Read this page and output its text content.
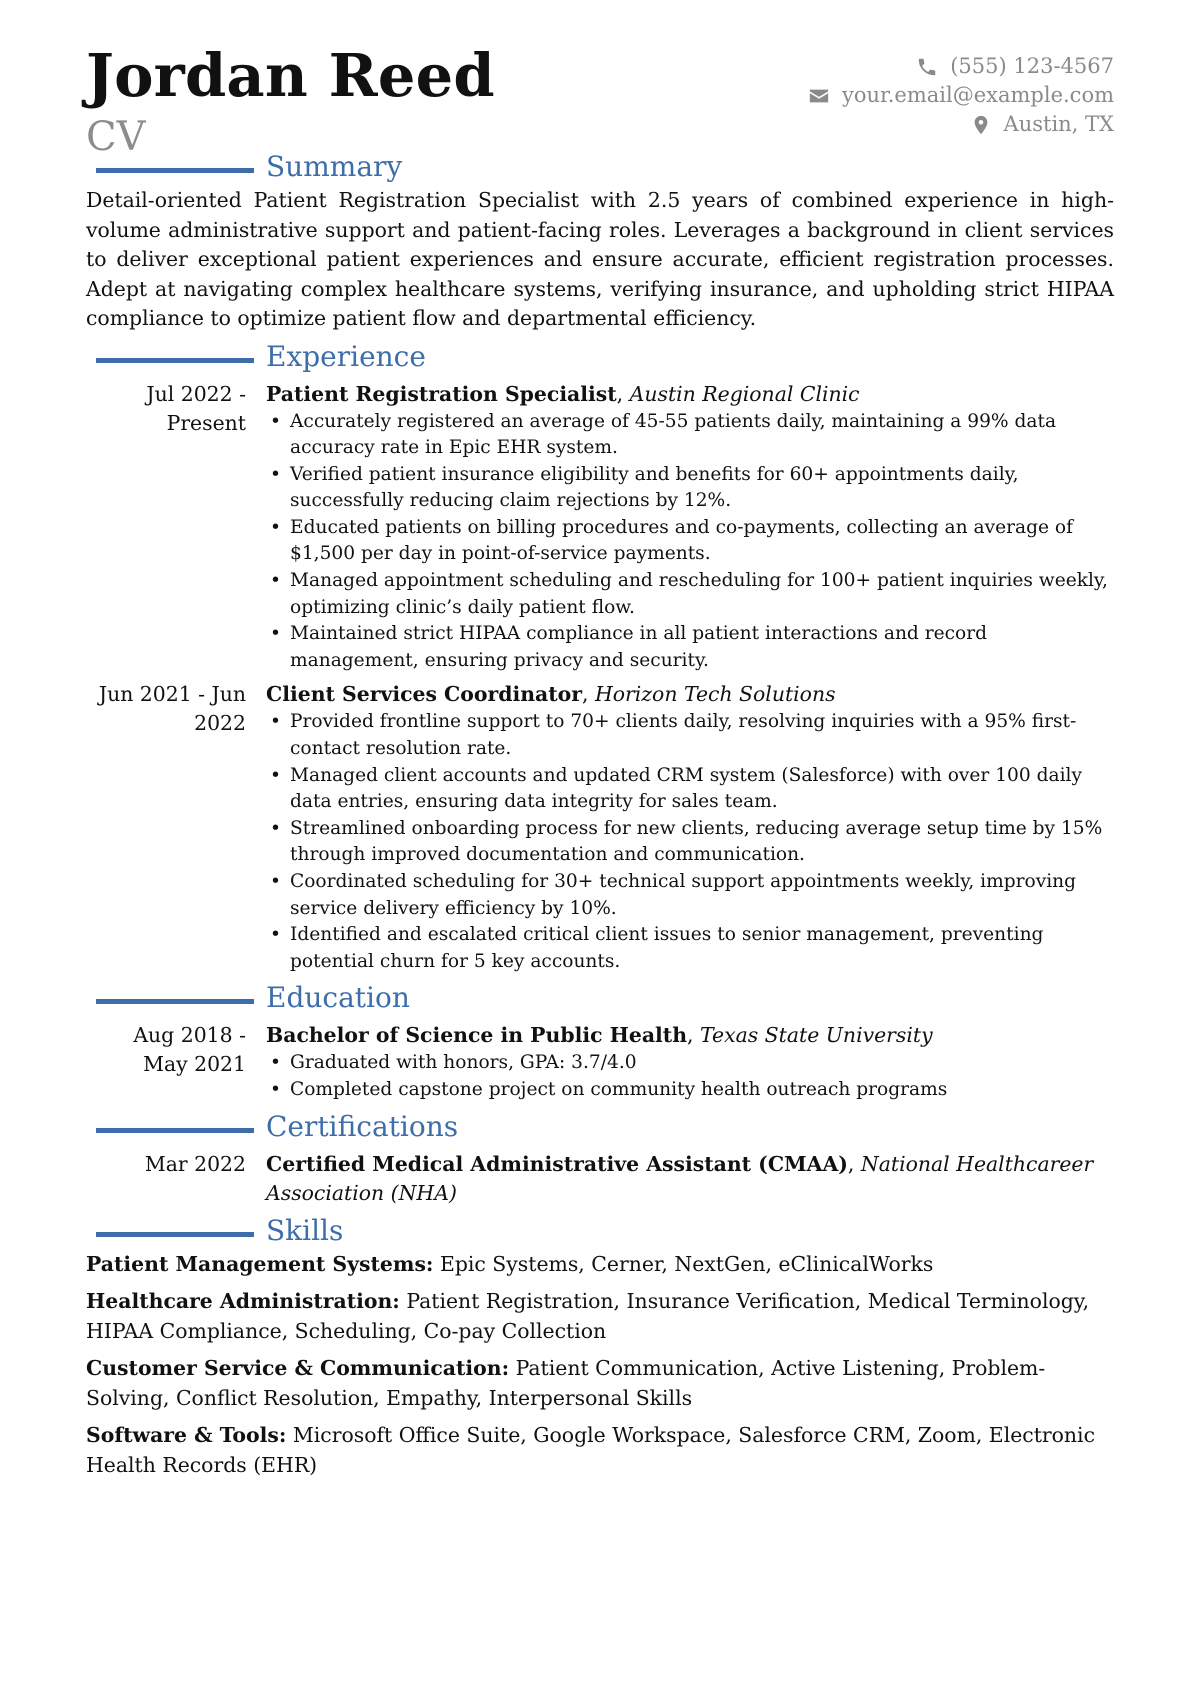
Jordan Reed
CV
(555) 123-4567
your.email@example.com
Austin, TX
Summary

Detail-oriented Patient Registration Specialist with 2.5 years of combined experience in high-volume administrative support and patient-facing roles. Leverages a background in client services to deliver exceptional patient experiences and ensure accurate, efficient registration processes. Adept at navigating complex healthcare systems, verifying insurance, and upholding strict HIPAA compliance to optimize patient flow and departmental efficiency.

Experience
Jul 2022 - Present
Patient Registration Specialist, Austin Regional Clinic
• Accurately registered an average of 45-55 patients daily, maintaining a 99% data accuracy rate in Epic EHR system.
• Verified patient insurance eligibility and benefits for 60+ appointments daily, successfully reducing claim rejections by 12%.
• Educated patients on billing procedures and co-payments, collecting an average of $1,500 per day in point-of-service payments.
• Managed appointment scheduling and rescheduling for 100+ patient inquiries weekly, optimizing clinic’s daily patient flow.
• Maintained strict HIPAA compliance in all patient interactions and record management, ensuring privacy and security.
Jun 2021 - Jun 2022
Client Services Coordinator, Horizon Tech Solutions
• Provided frontline support to 70+ clients daily, resolving inquiries with a 95% first-contact resolution rate.
• Managed client accounts and updated CRM system (Salesforce) with over 100 daily data entries, ensuring data integrity for sales team.
• Streamlined onboarding process for new clients, reducing average setup time by 15% through improved documentation and communication.
• Coordinated scheduling for 30+ technical support appointments weekly, improving service delivery efficiency by 10%.
• Identified and escalated critical client issues to senior management, preventing potential churn for 5 key accounts.
Education
Aug 2018 - May 2021
Bachelor of Science in Public Health, Texas State University
• Graduated with honors, GPA: 3.7/4.0
• Completed capstone project on community health outreach programs
Certifications
Mar 2022 Certified Medical Administrative Assistant (CMAA), National Healthcareer Association (NHA)
Skills
Patient Management Systems: Epic Systems, Cerner, NextGen, eClinicalWorks
Healthcare Administration: Patient Registration, Insurance Verification, Medical Terminology, HIPAA Compliance, Scheduling, Co-pay Collection
Customer Service & Communication: Patient Communication, Active Listening, Problem-Solving, Conflict Resolution, Empathy, Interpersonal Skills
Software & Tools: Microsoft Office Suite, Google Workspace, Salesforce CRM, Zoom, Electronic Health Records (EHR)
